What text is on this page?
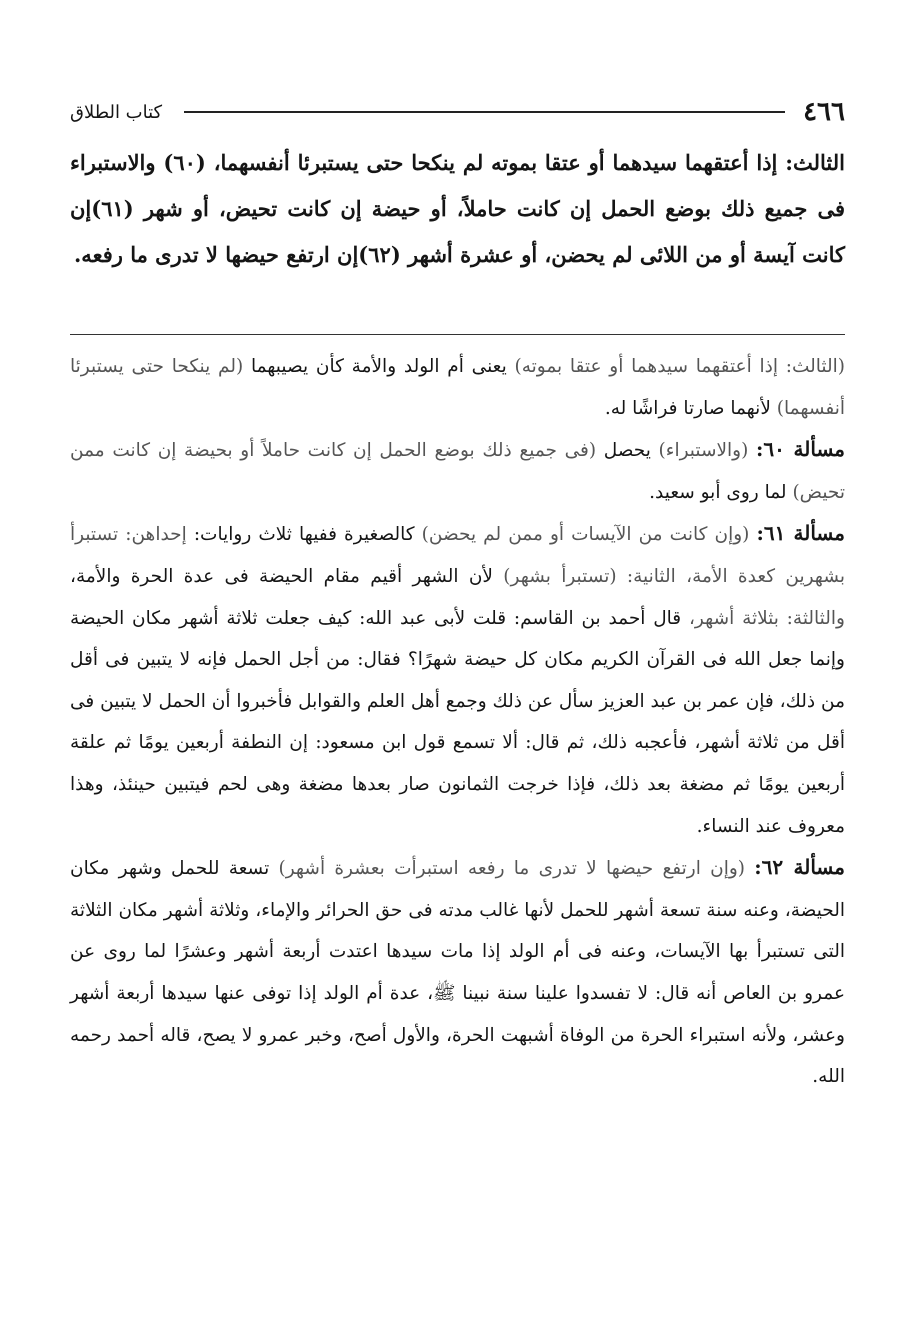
٤٦٦
كتاب الطلاق

الثالث: إذا أعتقهما سيدهما أو عتقا بموته لم ينكحا حتى يستبرئا أنفسهما، (٦٠) والاستبراء فى جميع ذلك بوضع الحمل إن كانت حاملاً، أو حيضة إن كانت تحيض، أو شهر (٦١)إن كانت آيسة أو من اللائى لم يحضن، أو عشرة أشهر (٦٢)إن ارتفع حيضها لا تدرى ما رفعه.

(الثالث: إذا أعتقهما سيدهما أو عتقا بموته) يعنى أم الولد والأمة كأن يصيبهما (لم ينكحا حتى يستبرئا أنفسهما) لأنهما صارتا فراشًا له.

مسألة ٦٠: (والاستبراء) يحصل (فى جميع ذلك بوضع الحمل إن كانت حاملاً أو بحيضة إن كانت ممن تحيض) لما روى أبو سعيد.

مسألة ٦١: (وإن كانت من الآيسات أو ممن لم يحضن) كالصغيرة ففيها ثلاث روايات: إحداهن: تستبرأ بشهرين كعدة الأمة، الثانية: (تستبرأ بشهر) لأن الشهر أقيم مقام الحيضة فى عدة الحرة والأمة، والثالثة: بثلاثة أشهر، قال أحمد بن القاسم: قلت لأبى عبد الله: كيف جعلت ثلاثة أشهر مكان الحيضة وإنما جعل الله فى القرآن الكريم مكان كل حيضة شهرًا؟ فقال: من أجل الحمل فإنه لا يتبين فى أقل من ذلك، فإن عمر بن عبد العزيز سأل عن ذلك وجمع أهل العلم والقوابل فأخبروا أن الحمل لا يتبين فى أقل من ثلاثة أشهر، فأعجبه ذلك، ثم قال: ألا تسمع قول ابن مسعود: إن النطفة أربعين يومًا ثم علقة أربعين يومًا ثم مضغة بعد ذلك، فإذا خرجت الثمانون صار بعدها مضغة وهى لحم فيتبين حينئذ، وهذا معروف عند النساء.

مسألة ٦٢: (وإن ارتفع حيضها لا تدرى ما رفعه استبرأت بعشرة أشهر) تسعة للحمل وشهر مكان الحيضة، وعنه سنة تسعة أشهر للحمل لأنها غالب مدته فى حق الحرائر والإماء، وثلاثة أشهر مكان الثلاثة التى تستبرأ بها الآيسات، وعنه فى أم الولد إذا مات سيدها اعتدت أربعة أشهر وعشرًا لما روى عن عمرو بن العاص أنه قال: لا تفسدوا علينا سنة نبينا ﷺ، عدة أم الولد إذا توفى عنها سيدها أربعة أشهر وعشر، ولأنه استبراء الحرة من الوفاة أشبهت الحرة، والأول أصح، وخبر عمرو لا يصح، قاله أحمد رحمه الله.
